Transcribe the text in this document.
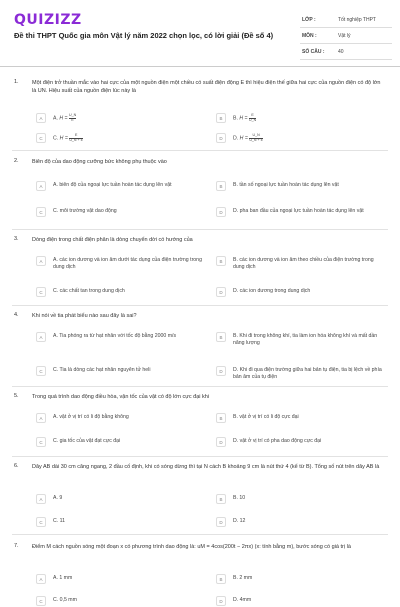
QUIZIZZ
Đề thi THPT Quốc gia môn Vật lý năm 2022 chọn lọc, có lời giải (Đề số 4)
LỚP :	Tốt nghiệp THPT
MÔN :	Vật lý
SỐ CÂU :	40
1. Một điện trở thuần mắc vào hai cực của một nguồn điện một chiều có suất điện động E thì hiệu điện thế giữa hai cực của nguồn điện có độ lớn là UN. Hiệu suất của nguồn điện lúc này là
A	A. $H = \frac{U\_N}{E}$	B	B. $H = \frac{E}{U\_N}$
C	C. $H = \frac{E}{U\_N + E}$	D	D. $H = \frac{U\_N}{U\_N + E}$
2. Biên độ của dao động cưỡng bức không phụ thuộc vào
A	A. biên độ của ngoại lực tuần hoàn tác dụng lên vật	B	B. tần số ngoại lực tuần hoàn tác dụng lên vật
C	C. môi trường vật dao động	D	D. pha ban đầu của ngoại lực tuần hoàn tác dụng lên vật
3. Dòng điện trong chất điện phân là dòng chuyển dời có hướng của
A	A. các ion dương và ion âm dưới tác dụng của điện trường trong dung dịch
B	B. các ion dương và ion âm theo chiều của điện trường trong dung dịch
C	C. các chất tan trong dung dịch	D	D. các ion dương trong dung dịch
4. Khi nói về tia phát biểu nào sau đây là sai?
A	A. Tia phóng ra từ hạt nhân với tốc độ bằng 2000 m/s	B	B. Khi đi trong không khí, tia làm ion hóa không khí và mất dần năng lượng
C	C. Tia là dòng các hạt nhân nguyên tử heli	D	D. Khi đi qua điện trường giữa hai bản tụ điện, tia bị lệch về phía bản âm của tụ điện
5. Trong quá trình dao động điều hòa, vận tốc của vật có độ lớn cực đại khi
A	A. vật ở vị trí có li độ bằng không	B	B. vật ở vị trí có li độ cực đại
C	C. gia tốc của vật đạt cực đại	D	D. vật ở vị trí có pha dao động cực đại
6. Dây AB dài 30 cm căng ngang, 2 đầu cố định, khi có sóng dừng thì tại N cách B khoảng 9 cm là nút thứ 4 (kể từ B). Tổng số nút trên dây AB là
A	A. 9	B	B. 10
C	C. 11	D	D. 12
7. Điểm M cách nguồn sóng một đoạn x có phương trình dao động là: uM = 4cos(200t − 2πx) (x: tính bằng m), bước sóng có giá trị là
A	A. 1 mm	B	B. 2 mm
C	C. 0,5 mm	D	D. 4mm
